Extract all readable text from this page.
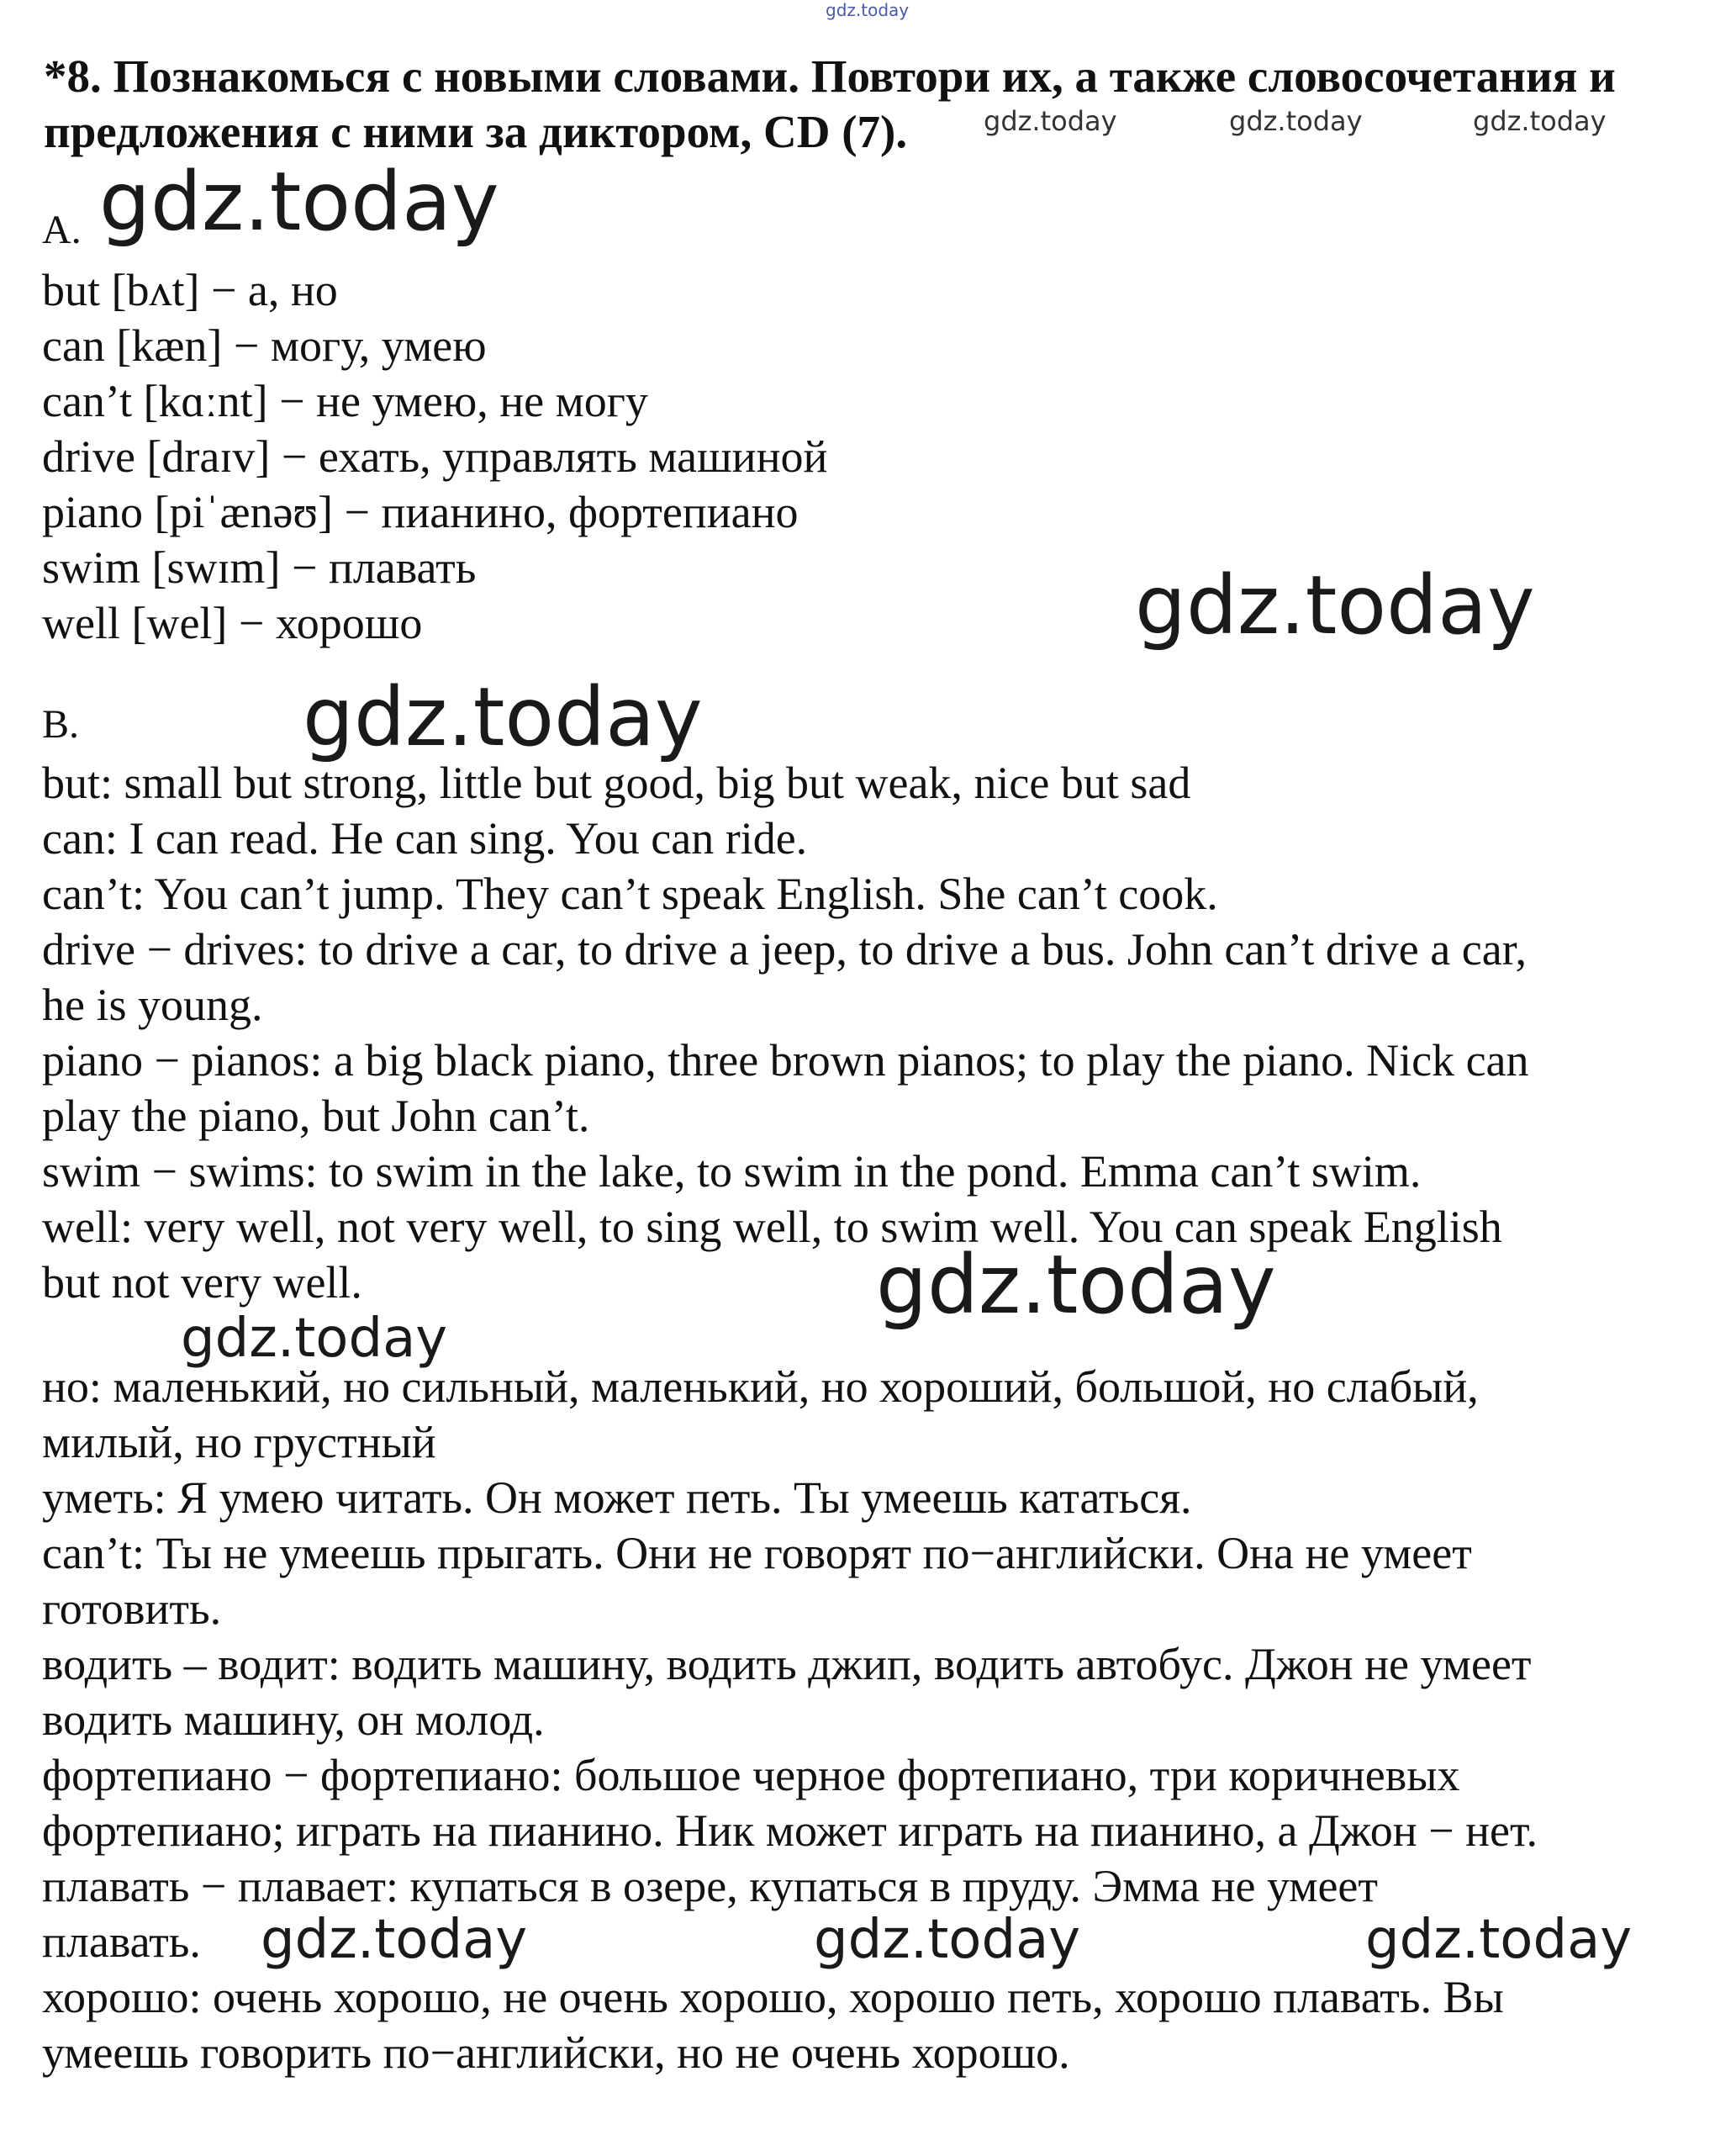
gdz.today
gdz.today	gdz.today	gdz.today
gdz.today
gdz.today
gdz.today
gdz.today
gdz.today
gdz.today	gdz.today	gdz.today
*8. Познакомься с новыми словами. Повтори их, а также словосочетания и предложения с ними за диктором, CD (7).
A.
but [bʌt] − а, но
can [kæn] − могу, умею
can’t [kɑːnt] − не умею, не могу
drive [draɪv] − ехать, управлять машиной
piano [piˈænəʊ] − пианино, фортепиано
swim [swɪm] − плавать
well [wel] − хорошо
B.
but: small but strong, little but good, big but weak, nice but sad
can: I can read. He can sing. You can ride.
can’t: You can’t jump. They can’t speak English. She can’t cook.
drive − drives: to drive a car, to drive a jeep, to drive a bus. John can’t drive a car,
he is young.
piano − pianos: a big black piano, three brown pianos; to play the piano. Nick can
play the piano, but John can’t.
swim − swims: to swim in the lake, to swim in the pond. Emma can’t swim.
well: very well, not very well, to sing well, to swim well. You can speak English
but not very well.
но: маленький, но сильный, маленький, но хороший, большой, но слабый,
милый, но грустный
уметь: Я умею читать. Он может петь. Ты умеешь кататься.
can’t: Ты не умеешь прыгать. Они не говорят по−английски. Она не умеет
готовить.
водить – водит: водить машину, водить джип, водить автобус. Джон не умеет
водить машину, он молод.
фортепиано − фортепиано: большое черное фортепиано, три коричневых
фортепиано; играть на пианино. Ник может играть на пианино, а Джон − нет.
плавать − плавает: купаться в озере, купаться в пруду. Эмма не умеет
плавать.
хорошо: очень хорошо, не очень хорошо, хорошо петь, хорошо плавать. Вы
умеешь говорить по−английски, но не очень хорошо.
